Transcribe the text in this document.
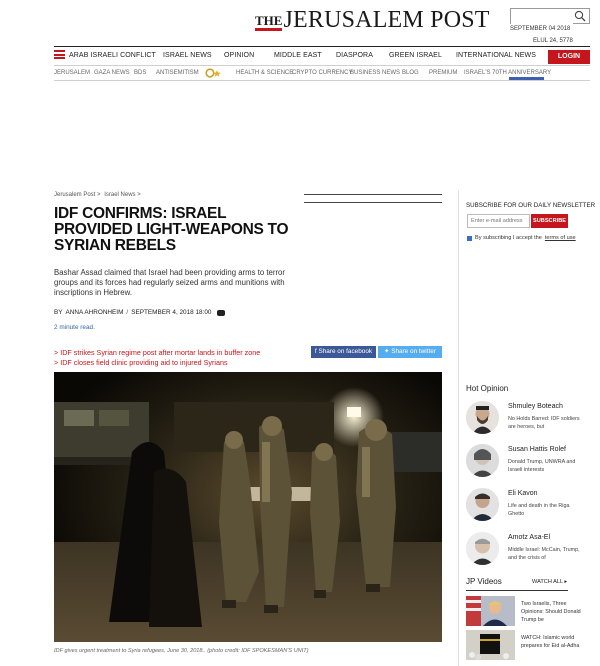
THE JERUSALEM POST	SEPTEMBER 04 2018
ELUL 24, 5778
ARAB ISRAELI CONFLICT ISRAEL NEWS OPINION	MIDDLE EAST DIASPORA GREEN ISRAEL INTERNATIONAL NEWS	LOGIN
JERUSALEM GAZA NEWS BDS ANTISEMITISM	HEALTH & SCIENCE
CRYPTO CURRENCY
BUSINESS NEWS BLOG PREMIUM ISRAEL'S 70TH ANNIVERSARY
Jerusalem Post > Israel News >
IDF CONFIRMS: ISRAEL PROVIDED LIGHT-WEAPONS TO SYRIAN REBELS

Bashar Assad claimed that Israel had been providing arms to terror groups and its forces had regularly seized arms and munitions with inscriptions in Hebrew.

BY ANNA AHRONHEIM / SEPTEMBER 4, 2018 18:00
2 minute read.
> IDF strikes Syrian regime post after mortar lands in buffer zone
> IDF closes field clinic providing aid to injured Syrians
f Share on facebook	✦ Share on twitter
IDF gives urgent treatment to Syria refugees, June 30, 2018.. (photo credit: IDF SPOKESMAN'S UNIT)
SUBSCRIBE FOR OUR DAILY NEWSLETTER
Enter e-mail address
SUBSCRIBE
By subscribing I accept the terms of use
Hot Opinion
Shmuley Boteach
No Holds Barred: IDF soldiers are heroes, but
Susan Hattis Rolef
Donald Trump, UNWRA and Israeli interests
Eli Kavon
Life and death in the Riga Ghetto
Amotz Asa-El
Middle Israel: McCain, Trump, and the crisis of
JP Videos	WATCH ALL ▸
Two Israelis, Three Opinions: Should Donald Trump be
WATCH: Islamic world prepares for Eid al-Adha
